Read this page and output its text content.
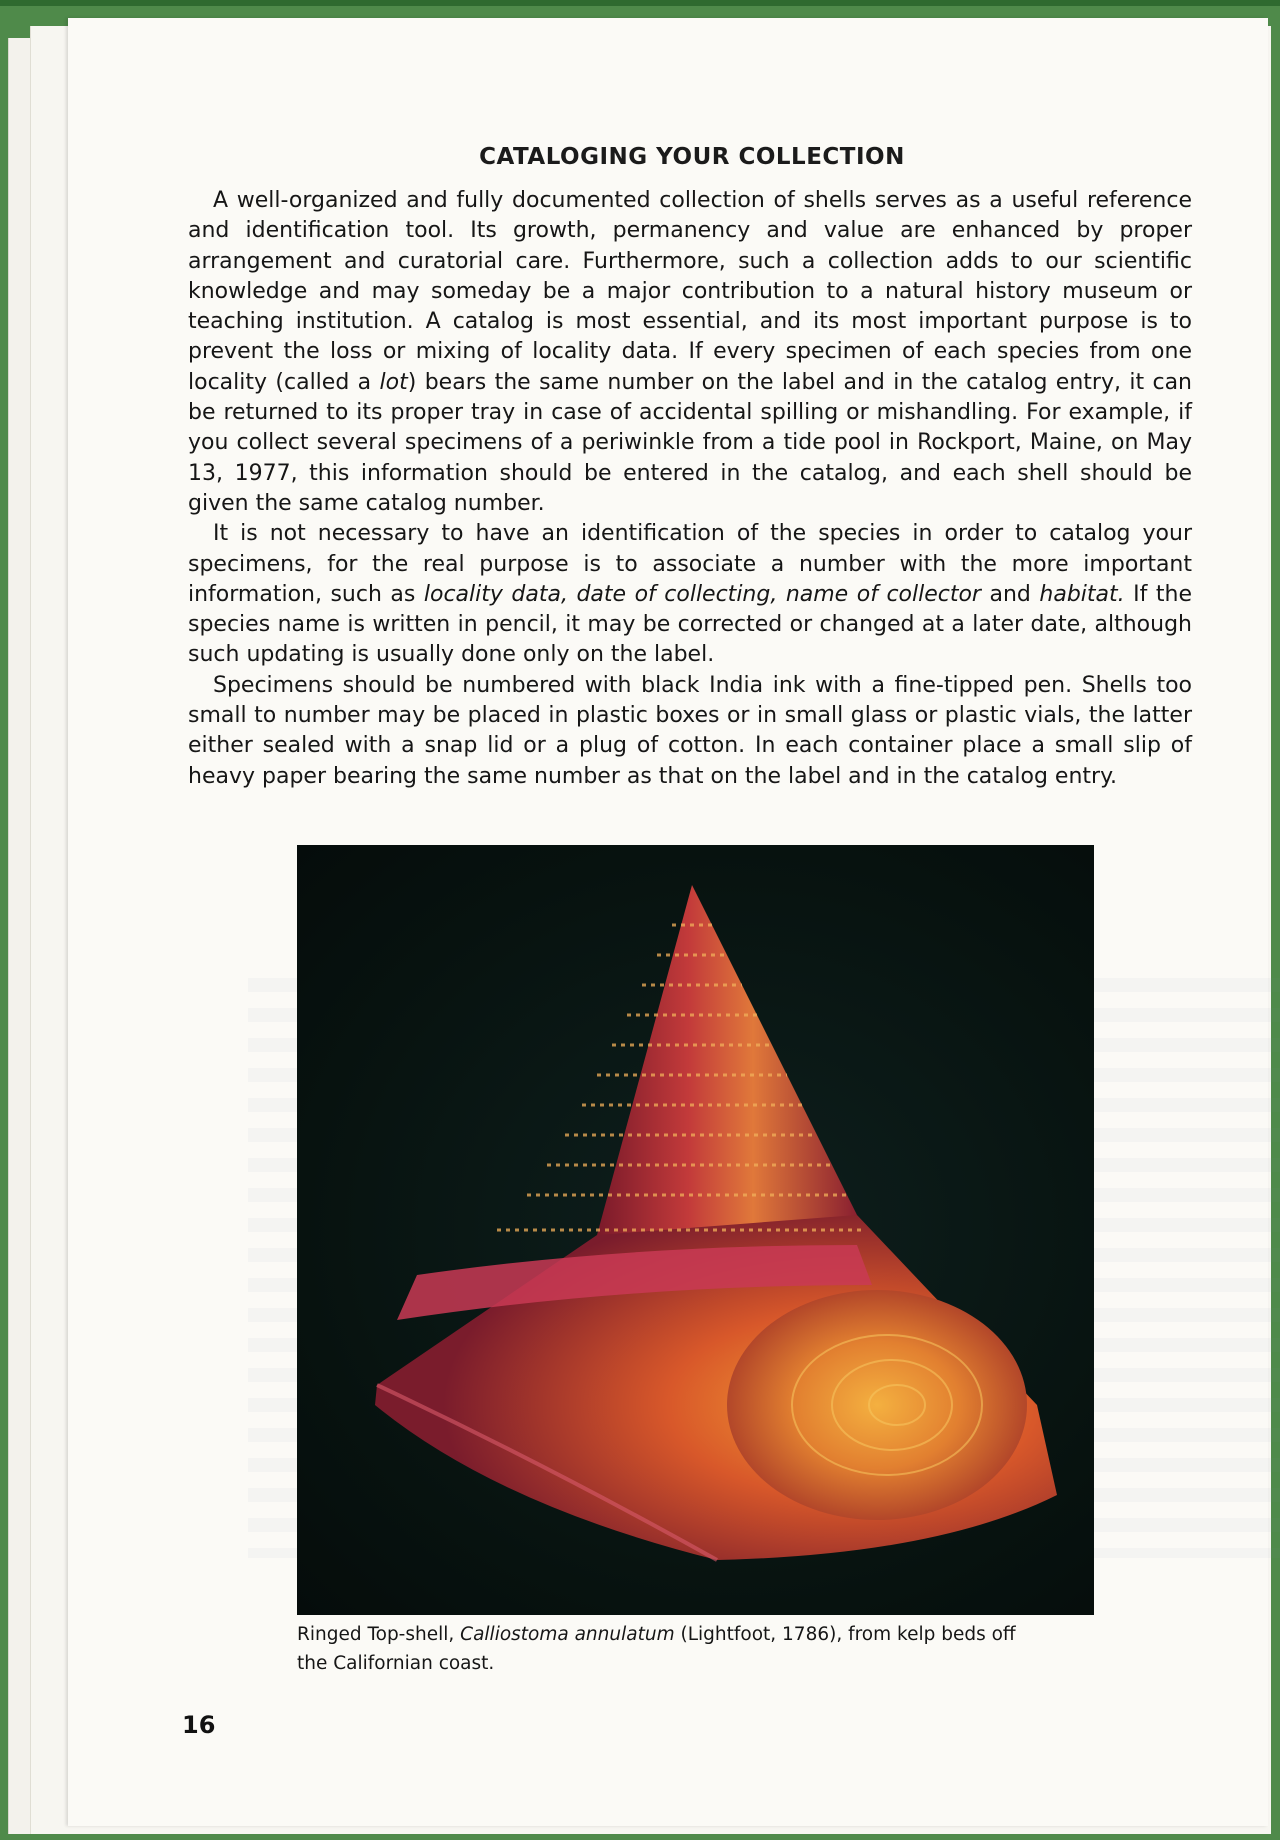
CATALOGING YOUR COLLECTION

A well-organized and fully documented collection of shells serves as a useful reference and identification tool. Its growth, permanency and value are enhanced by proper arrangement and curatorial care. Furthermore, such a collection adds to our scientific knowledge and may someday be a major contribution to a natural history museum or teaching institution. A catalog is most essential, and its most important purpose is to prevent the loss or mixing of locality data. If every specimen of each species from one locality (called a lot) bears the same number on the label and in the catalog entry, it can be returned to its proper tray in case of accidental spilling or mishandling. For example, if you collect several specimens of a periwinkle from a tide pool in Rockport, Maine, on May 13, 1977, this information should be entered in the catalog, and each shell should be given the same catalog number.

It is not necessary to have an identification of the species in order to catalog your specimens, for the real purpose is to associate a number with the more important information, such as locality data, date of collecting, name of collector and habitat. If the species name is written in pencil, it may be corrected or changed at a later date, although such updating is usually done only on the label.

Specimens should be numbered with black India ink with a fine-tipped pen. Shells too small to number may be placed in plastic boxes or in small glass or plastic vials, the latter either sealed with a snap lid or a plug of cotton. In each container place a small slip of heavy paper bearing the same number as that on the label and in the catalog entry.

Ringed Top-shell, Calliostoma annulatum (Lightfoot, 1786), from kelp beds off the Californian coast.
16
